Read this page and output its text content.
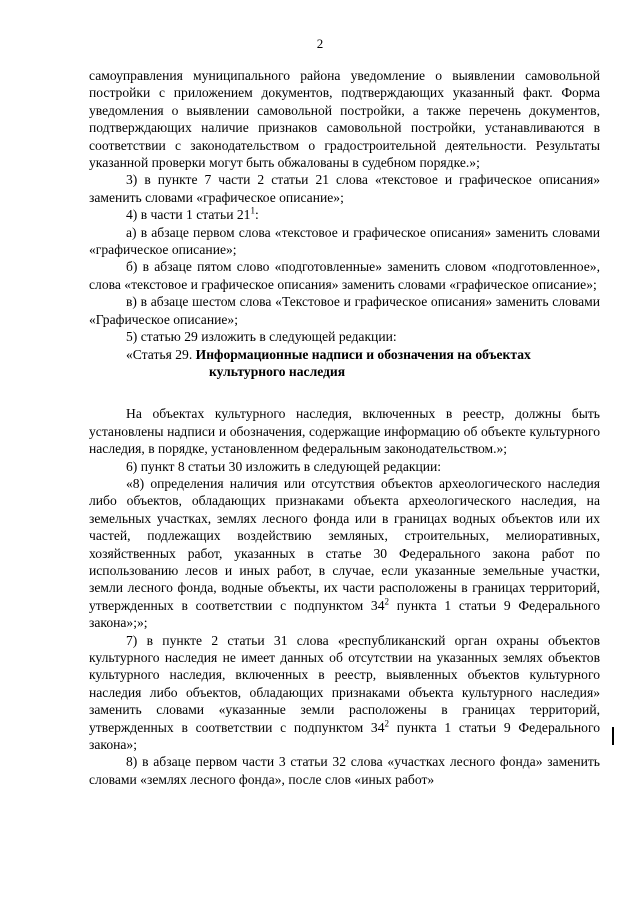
2

самоуправления муниципального района уведомление о выявлении самовольной постройки с приложением документов, подтверждающих указанный факт. Форма уведомления о выявлении самовольной постройки, а также перечень документов, подтверждающих наличие признаков самовольной постройки, устанавливаются в соответствии с законодательством о градостроительной деятельности. Результаты указанной проверки могут быть обжалованы в судебном порядке.»;

3) в пункте 7 части 2 статьи 21 слова «текстовое и графическое описания» заменить словами «графическое описание»;

4) в части 1 статьи $21^1$:

а) в абзаце первом слова «текстовое и графическое описания» заменить словами «графическое описание»;

б) в абзаце пятом слово «подготовленные» заменить словом «подготовленное», слова «текстовое и графическое описания» заменить словами «графическое описание»;

в) в абзаце шестом слова «Текстовое и графическое описания» заменить словами «Графическое описание»;

5) статью 29 изложить в следующей редакции:

«Статья 29. Информационные надписи и обозначения на объектах
культурного наследия

На объектах культурного наследия, включенных в реестр, должны быть установлены надписи и обозначения, содержащие информацию об объекте культурного наследия, в порядке, установленном федеральным законодательством.»;

6) пункт 8 статьи 30 изложить в следующей редакции:

«8) определения наличия или отсутствия объектов археологического наследия либо объектов, обладающих признаками объекта археологического наследия, на земельных участках, землях лесного фонда или в границах водных объектов или их частей, подлежащих воздействию земляных, строительных, мелиоративных, хозяйственных работ, указанных в статье 30 Федерального закона работ по использованию лесов и иных работ, в случае, если указанные земельные участки, земли лесного фонда, водные объекты, их части расположены в границах территорий, утвержденных в соответствии с подпунктом $34^2$ пункта 1 статьи 9 Федерального закона»;»;

7) в пункте 2 статьи 31 слова «республиканский орган охраны объектов культурного наследия не имеет данных об отсутствии на указанных землях объектов культурного наследия, включенных в реестр, выявленных объектов культурного наследия либо объектов, обладающих признаками объекта культурного наследия» заменить словами «указанные земли расположены в границах территорий, утвержденных в соответствии с подпунктом $34^2$ пункта 1 статьи 9 Федерального закона»;

8) в абзаце первом части 3 статьи 32 слова «участках лесного фонда» заменить словами «землях лесного фонда», после слов «иных работ»
